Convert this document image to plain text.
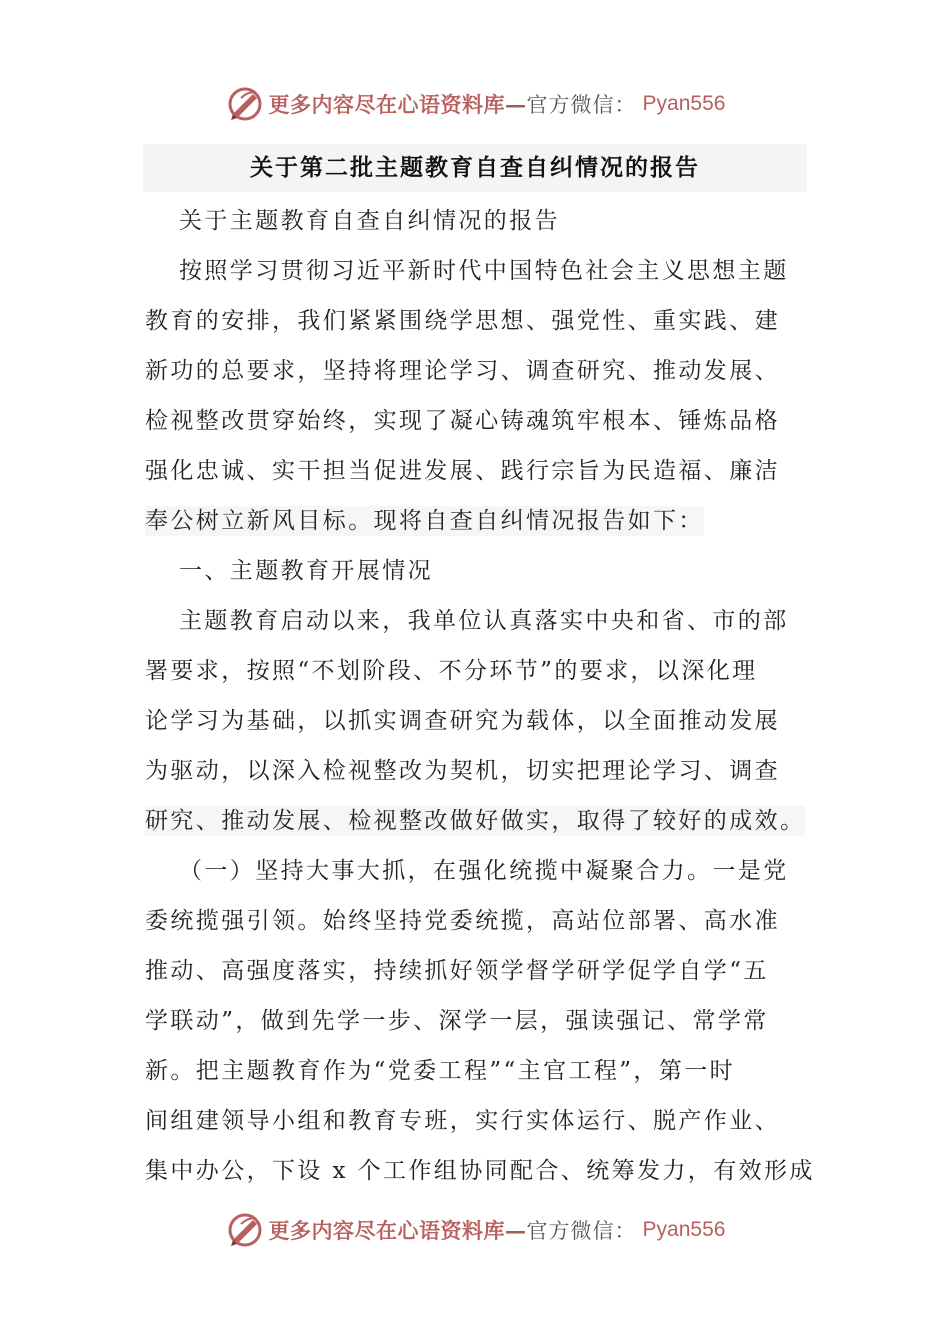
更多内容尽在心语资料库 — 官方微信： Pyan556
关于第二批主题教育自查自纠情况的报告
关于主题教育自查自纠情况的报告
按照学习贯彻习近平新时代中国特色社会主义思想主题
教育的安排，我们紧紧围绕学思想、强党性、重实践、建
新功的总要求，坚持将理论学习、调查研究、推动发展、
检视整改贯穿始终，实现了凝心铸魂筑牢根本、锤炼品格
强化忠诚、实干担当促进发展、践行宗旨为民造福、廉洁
奉公树立新风目标。现将自查自纠情况报告如下：
一、主题教育开展情况
主题教育启动以来，我单位认真落实中央和省、市的部
署要求，按照“不划阶段、不分环节”的要求，以深化理
论学习为基础，以抓实调查研究为载体，以全面推动发展
为驱动，以深入检视整改为契机，切实把理论学习、调查
研究、推动发展、检视整改做好做实，取得了较好的成效。
（一）坚持大事大抓，在强化统揽中凝聚合力。一是党
委统揽强引领。始终坚持党委统揽，高站位部署、高水准
推动、高强度落实，持续抓好领学督学研学促学自学“五
学联动”，做到先学一步、深学一层，强读强记、常学常
新。把主题教育作为“党委工程”“主官工程”，第一时
间组建领导小组和教育专班，实行实体运行、脱产作业、
集中办公，下设 x 个工作组协同配合、统筹发力，有效形成
更多内容尽在心语资料库 — 官方微信： Pyan556
